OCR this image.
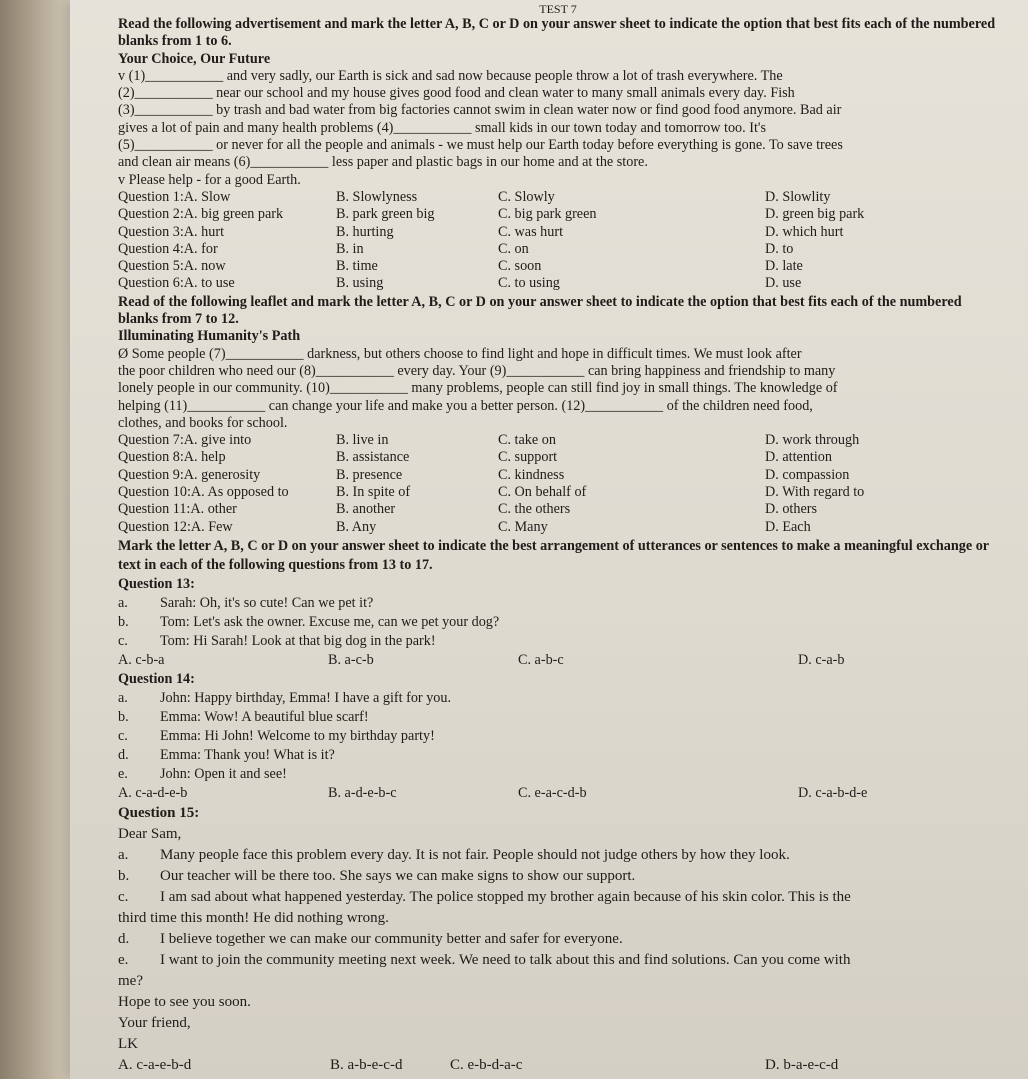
TEST 7

Read the following advertisement and mark the letter A, B, C or D on your answer sheet to indicate the option that best fits each of the numbered blanks from 1 to 6.

Your Choice, Our Future

v (1)___________ and very sadly, our Earth is sick and sad now because people throw a lot of trash everywhere. The

(2)___________ near our school and my house gives good food and clean water to many small animals every day. Fish

(3)___________ by trash and bad water from big factories cannot swim in clean water now or find good food anymore. Bad air

gives a lot of pain and many health problems (4)___________ small kids in our town today and tomorrow too. It's

(5)___________ or never for all the people and animals - we must help our Earth today before everything is gone. To save trees

and clean air means (6)___________ less paper and plastic bags in our home and at the store.

v Please help - for a good Earth.

Question 1:A. Slow	B. Slowlyness	C. Slowly	D. Slowlity
Question 2:A. big green park	B. park green big	C. big park green	D. green big park
Question 3:A. hurt	B. hurting	C. was hurt	D. which hurt
Question 4:A. for	B. in	C. on	D. to
Question 5:A. now	B. time	C. soon	D. late
Question 6:A. to use	B. using	C. to using	D. use

Read of the following leaflet and mark the letter A, B, C or D on your answer sheet to indicate the option that best fits each of the numbered blanks from 7 to 12.

Illuminating Humanity's Path

Ø Some people (7)___________ darkness, but others choose to find light and hope in difficult times. We must look after

the poor children who need our (8)___________ every day. Your (9)___________ can bring happiness and friendship to many

lonely people in our community. (10)___________ many problems, people can still find joy in small things. The knowledge of

helping (11)___________ can change your life and make you a better person. (12)___________ of the children need food,

clothes, and books for school.

Question 7:A. give into	B. live in	C. take on	D. work through
Question 8:A. help	B. assistance	C. support	D. attention
Question 9:A. generosity	B. presence	C. kindness	D. compassion
Question 10:A. As opposed to	B. In spite of	C. On behalf of	D. With regard to
Question 11:A. other	B. another	C. the others	D. others
Question 12:A. Few	B. Any	C. Many	D. Each

Mark the letter A, B, C or D on your answer sheet to indicate the best arrangement of utterances or sentences to make a meaningful exchange or text in each of the following questions from 13 to 17.

Question 13:

a.	Sarah: Oh, it's so cute! Can we pet it?
b.	Tom: Let's ask the owner. Excuse me, can we pet your dog?
c.	Tom: Hi Sarah! Look at that big dog in the park!
A. c-b-a	B. a-c-b	C. a-b-c	D. c-a-b

Question 14:

a.	John: Happy birthday, Emma! I have a gift for you.
b.	Emma: Wow! A beautiful blue scarf!
c.	Emma: Hi John! Welcome to my birthday party!
d.	Emma: Thank you! What is it?
e.	John: Open it and see!
A. c-a-d-e-b	B. a-d-e-b-c	C. e-a-c-d-b	D. c-a-b-d-e

Question 15:

Dear Sam,

a.	Many people face this problem every day. It is not fair. People should not judge others by how they look.
b.	Our teacher will be there too. She says we can make signs to show our support.
c.	I am sad about what happened yesterday. The police stopped my brother again because of his skin color. This is the

third time this month! He did nothing wrong.

d.	I believe together we can make our community better and safer for everyone.
e.	I want to join the community meeting next week. We need to talk about this and find solutions. Can you come with

me?

Hope to see you soon.

Your friend,

LK

A. c-a-e-b-d	B. a-b-e-c-d	C. e-b-d-a-c	D. b-a-e-c-d
